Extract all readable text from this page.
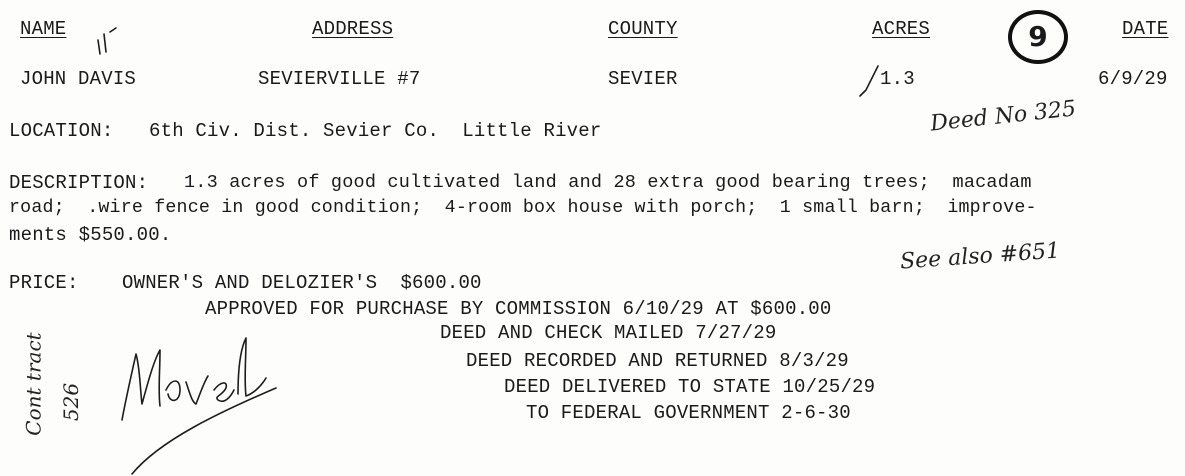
NAME	ADDRESS	COUNTY	ACRES	DATE
9
JOHN DAVIS	SEVIERVILLE #7	SEVIER	1.3	6/9/29
Deed No 325
LOCATION: 6th Civ. Dist. Sevier Co.  Little River
DESCRIPTION: 1.3 acres of good cultivated land and 28 extra good bearing trees;  macadam
road;  .wire fence in good condition;  4-room box house with porch;  1 small barn;  improve-
ments $550.00.
See also #651
PRICE: OWNER'S AND DELOZIER'S  $600.00
APPROVED FOR PURCHASE BY COMMISSION 6/10/29 AT $600.00
DEED AND CHECK MAILED 7/27/29
DEED RECORDED AND RETURNED 8/3/29
DEED DELIVERED TO STATE 10/25/29
TO FEDERAL GOVERNMENT 2-6-30
Cont tract 526
